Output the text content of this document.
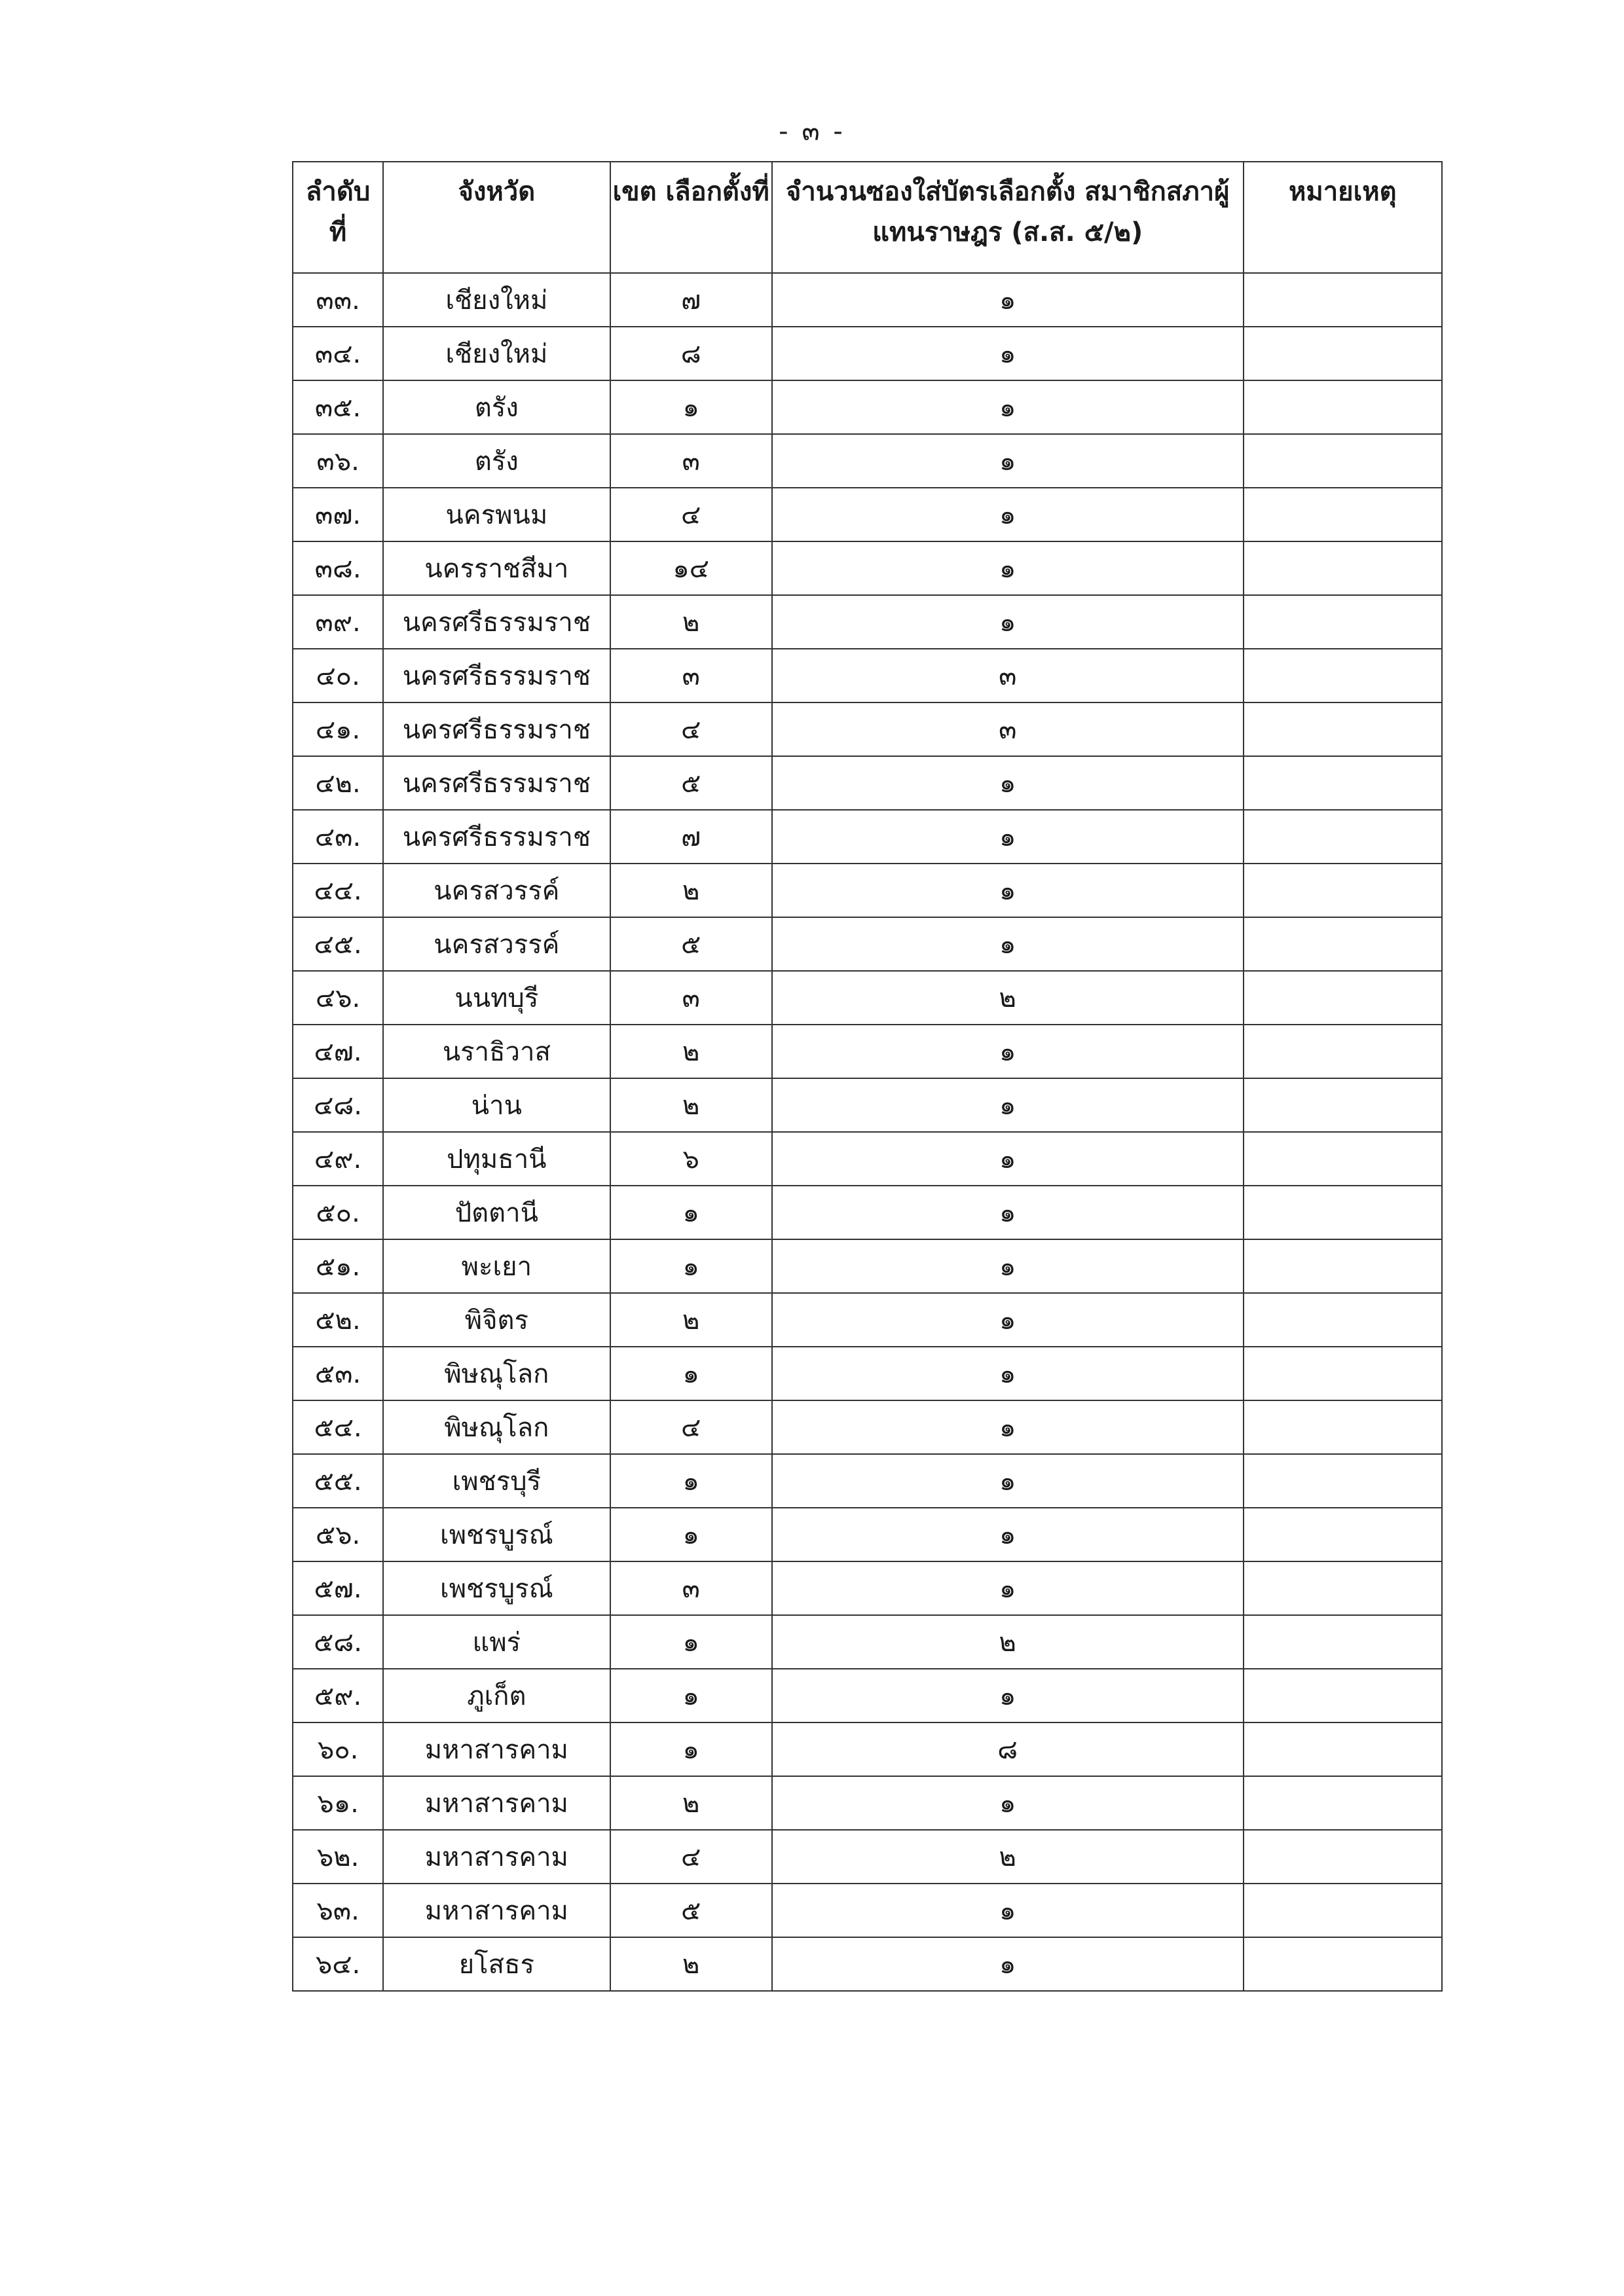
- ๓ -
ลำดับ ที่	จังหวัด	เขต เลือกตั้งที่	จำนวนซองใส่บัตรเลือกตั้ง สมาชิกสภาผู้แทนราษฎร (ส.ส. ๕/๒)	หมายเหตุ
๓๓.	เชียงใหม่	๗	๑	
๓๔.	เชียงใหม่	๘	๑	
๓๕.	ตรัง	๑	๑	
๓๖.	ตรัง	๓	๑	
๓๗.	นครพนม	๔	๑	
๓๘.	นครราชสีมา	๑๔	๑	
๓๙.	นครศรีธรรมราช	๒	๑	
๔๐.	นครศรีธรรมราช	๓	๓	
๔๑.	นครศรีธรรมราช	๔	๓	
๔๒.	นครศรีธรรมราช	๕	๑	
๔๓.	นครศรีธรรมราช	๗	๑	
๔๔.	นครสวรรค์	๒	๑	
๔๕.	นครสวรรค์	๕	๑	
๔๖.	นนทบุรี	๓	๒	
๔๗.	นราธิวาส	๒	๑	
๔๘.	น่าน	๒	๑	
๔๙.	ปทุมธานี	๖	๑	
๕๐.	ปัตตานี	๑	๑	
๕๑.	พะเยา	๑	๑	
๕๒.	พิจิตร	๒	๑	
๕๓.	พิษณุโลก	๑	๑	
๕๔.	พิษณุโลก	๔	๑	
๕๕.	เพชรบุรี	๑	๑	
๕๖.	เพชรบูรณ์	๑	๑	
๕๗.	เพชรบูรณ์	๓	๑	
๕๘.	แพร่	๑	๒	
๕๙.	ภูเก็ต	๑	๑	
๖๐.	มหาสารคาม	๑	๘	
๖๑.	มหาสารคาม	๒	๑	
๖๒.	มหาสารคาม	๔	๒	
๖๓.	มหาสารคาม	๕	๑	
๖๔.	ยโสธร	๒	๑	
